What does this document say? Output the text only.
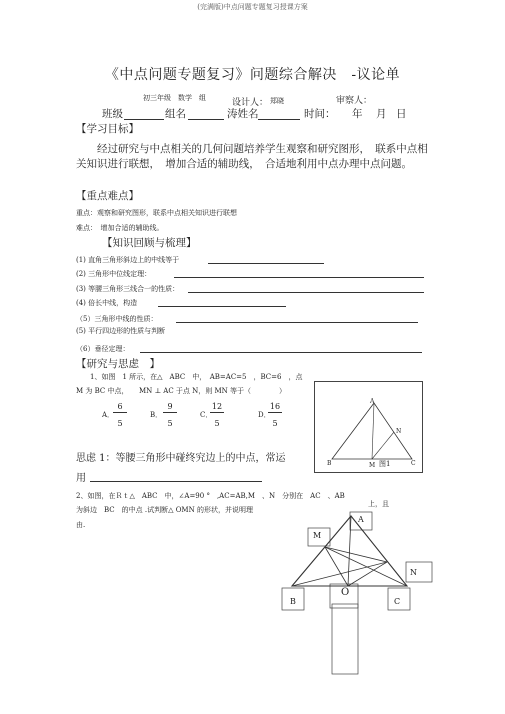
(完满版)中点问题专题复习授课方案
《中点问题专题复习》问题综合解决　-议论单
初三年级　数学　组	设计人： 郑晓	审察人：
班级	组名	涛姓名	时间： 年 月 日
【学习目标】
经过研究与中点相关的几何问题培养学生观察和研究图形，　联系中点相关知识进行联想，　增加合适的辅助线，　合适地利用中点办理中点问题。
【重点难点】
重点：观察和研究图形，联系中点相关知识进行联想
难点：　增加合适的辅助线。
【知识回顾与梳理】
(1) 直角三角形斜边上的中线等于
(2) 三角形中位线定理：
(3) 等腰三角形三线合一的性质：
(4) 倍长中线，构造
（5）三角形中线的性质：
(5) 平行四边形的性质与判断
（6）垂径定理：
【研究与思虑　】
1、如图　1 所示，在△　ABC　中，　AB=AC=5　，BC=6　，点
M 为 BC 中点，　　MN ⊥ AC 于点 N，则 MN 等于（　　　　）
A．
6
5
B．
9
5
C．
12
5
D．
16
5
A
B	C
M
N
图1
思虑 1：等腰三角形中碰终究边上的中点，常运
用
2、如图，在Ｒｔ△　ABC　中，∠A=90 °　,AC=AB,M　、N　分别在　AC　、AB
上，且
为斜边　BC　的中点 .试判断△ OMN 的形状，并说明理
由.
A
M
N
O
B	C
